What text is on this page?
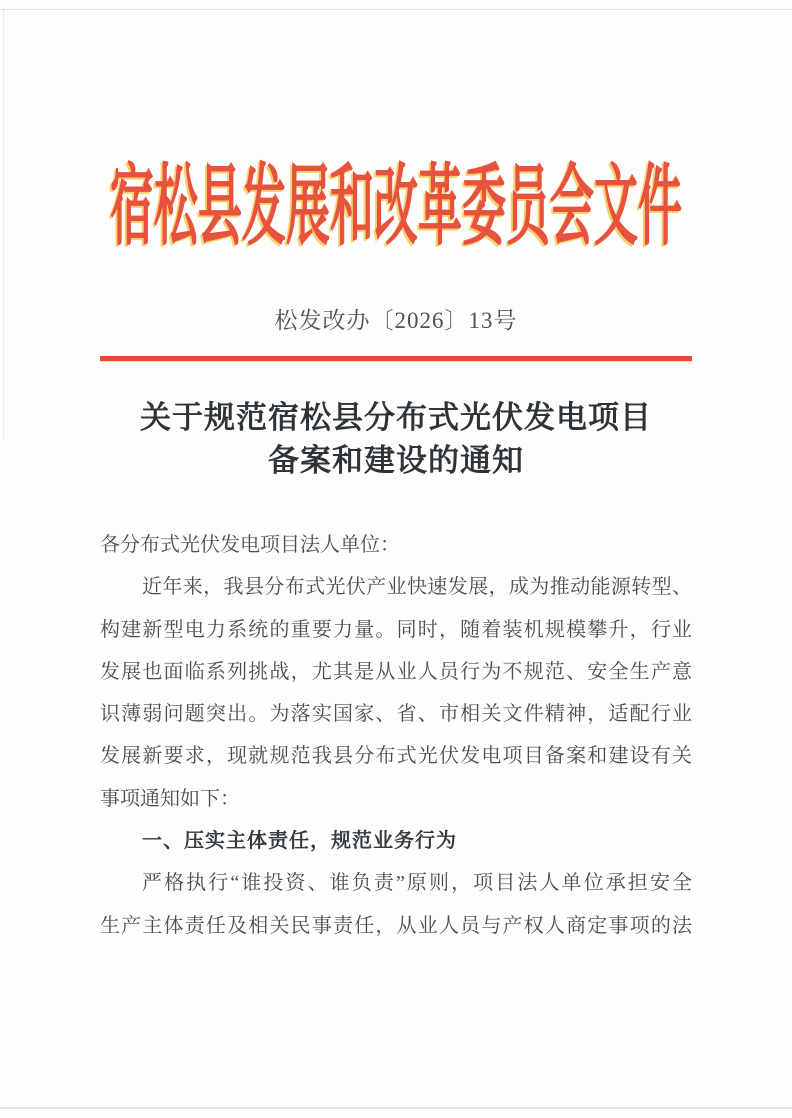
宿松县发展和改革委员会文件
松发改办〔2026〕13号
关于规范宿松县分布式光伏发电项目
备案和建设的通知
各分布式光伏发电项目法人单位：
近年来，我县分布式光伏产业快速发展，成为推动能源转型、
构建新型电力系统的重要力量。同时，随着装机规模攀升，行业
发展也面临系列挑战，尤其是从业人员行为不规范、安全生产意
识薄弱问题突出。为落实国家、省、市相关文件精神，适配行业
发展新要求，现就规范我县分布式光伏发电项目备案和建设有关
事项通知如下：
一、压实主体责任，规范业务行为
严格执行“谁投资、谁负责”原则，项目法人单位承担安全
生产主体责任及相关民事责任，从业人员与产权人商定事项的法
